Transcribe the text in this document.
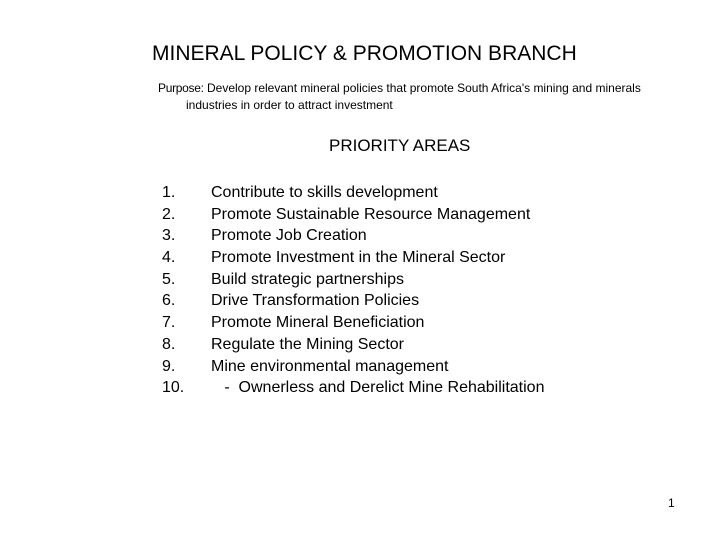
MINERAL POLICY & PROMOTION BRANCH
Purpose: Develop relevant mineral policies that promote South Africa's mining and minerals
industries in order to attract investment
PRIORITY AREAS
1. Contribute to skills development
2. Promote Sustainable Resource Management
3. Promote Job Creation
4. Promote Investment in the Mineral Sector
5. Build strategic partnerships
6. Drive Transformation Policies
7. Promote Mineral Beneficiation
8. Regulate the Mining Sector
9. Mine environmental management
10.   -  Ownerless and Derelict Mine Rehabilitation
1
